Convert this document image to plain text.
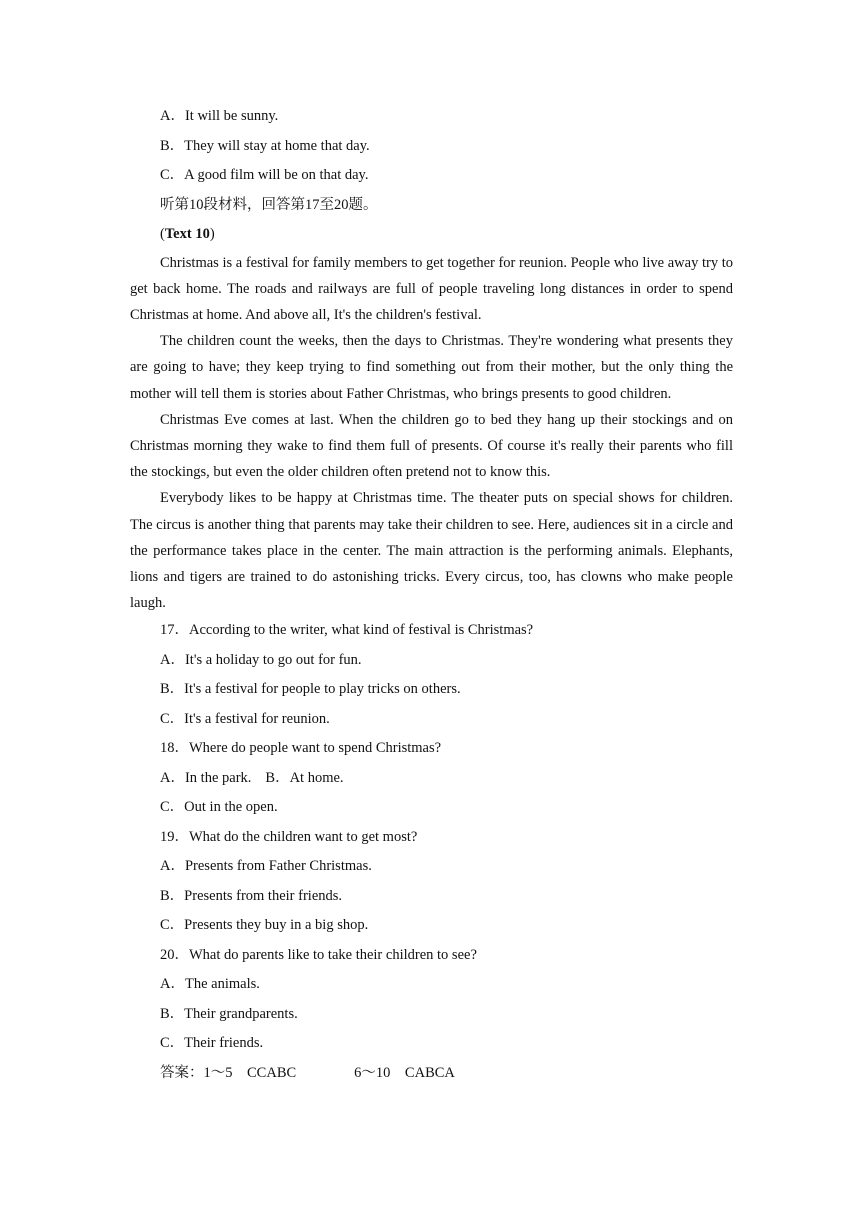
A．It will be sunny.
B．They will stay at home that day.
C．A good film will be on that day.
听第10段材料，回答第17至20题。
(Text 10)

Christmas is a festival for family members to get together for reunion. People who live away try to get back home. The roads and railways are full of people traveling long distances in order to spend Christmas at home. And above all, It's the children's festival.

The children count the weeks, then the days to Christmas. They're wondering what presents they are going to have; they keep trying to find something out from their mother, but the only thing the mother will tell them is stories about Father Christmas, who brings presents to good children.

Christmas Eve comes at last. When the children go to bed they hang up their stockings and on Christmas morning they wake to find them full of presents. Of course it's really their parents who fill the stockings, but even the older children often pretend not to know this.

Everybody likes to be happy at Christmas time. The theater puts on special shows for children. The circus is another thing that parents may take their children to see. Here, audiences sit in a circle and the performance takes place in the center. The main attraction is the performing animals. Elephants, lions and tigers are trained to do astonishing tricks. Every circus, too, has clowns who make people laugh.

17．According to the writer, what kind of festival is Christmas?
A．It's a holiday to go out for fun.
B．It's a festival for people to play tricks on others.
C．It's a festival for reunion.
18．Where do people want to spend Christmas?
A．In the park. B．At home.
C．Out in the open.
19．What do the children want to get most?
A．Presents from Father Christmas.
B．Presents from their friends.
C．Presents they buy in a big shop.
20．What do parents like to take their children to see?
A．The animals.
B．Their grandparents.
C．Their friends.
答案：1～5　CCABC	6～10　CABCA
